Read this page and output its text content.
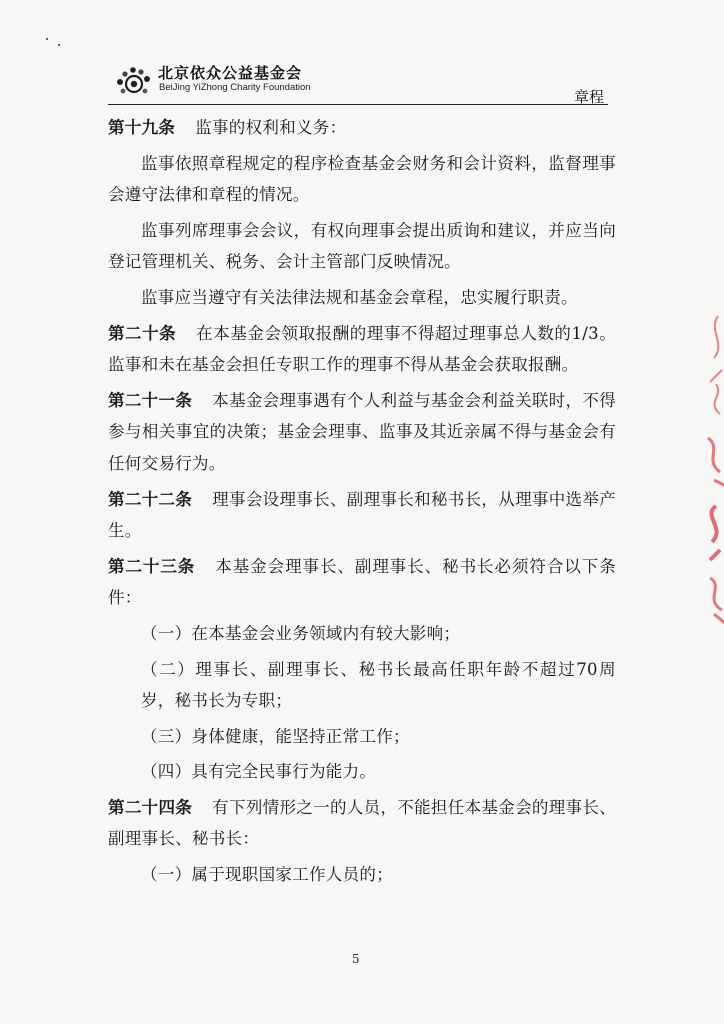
北京依众公益基金会
BeiJing YiZhong Charity Foundation
章程

第十九条 监事的权利和义务：

监事依照章程规定的程序检查基金会财务和会计资料，监督理事会遵守法律和章程的情况。

监事列席理事会会议，有权向理事会提出质询和建议，并应当向登记管理机关、税务、会计主管部门反映情况。

监事应当遵守有关法律法规和基金会章程，忠实履行职责。

第二十条 在本基金会领取报酬的理事不得超过理事总人数的1/3。监事和未在基金会担任专职工作的理事不得从基金会获取报酬。

第二十一条 本基金会理事遇有个人利益与基金会利益关联时，不得参与相关事宜的决策；基金会理事、监事及其近亲属不得与基金会有任何交易行为。

第二十二条 理事会设理事长、副理事长和秘书长，从理事中选举产生。

第二十三条 本基金会理事长、副理事长、秘书长必须符合以下条件：

（一）在本基金会业务领域内有较大影响；

（二）理事长、副理事长、秘书长最高任职年龄不超过70周岁，秘书长为专职；

（三）身体健康，能坚持正常工作；

（四）具有完全民事行为能力。

第二十四条 有下列情形之一的人员，不能担任本基金会的理事长、副理事长、秘书长：

（一）属于现职国家工作人员的；

5
